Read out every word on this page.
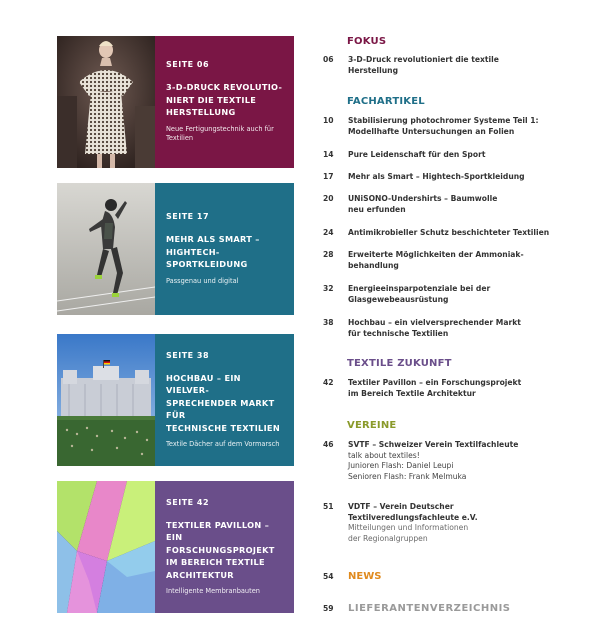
SEITE 06
3-D-DRUCK REVOLUTIO-
NIERT DIE TEXTILE
HERSTELLUNG
Neue Fertigungstechnik auch für
Textilien
SEITE 17
MEHR ALS SMART –
HIGHTECH-SPORTKLEIDUNG
Passgenau und digital
SEITE 38
HOCHBAU – EIN VIELVER-
SPRECHENDER MARKT FÜR
TECHNISCHE TEXTILIEN
Textile Dächer auf dem Vormarsch
SEITE 42
TEXTILER PAVILLON –
EIN FORSCHUNGSPROJEKT
IM BEREICH TEXTILE
ARCHITEKTUR
Intelligente Membranbauten
FOKUS
06	3-D-Druck revolutioniert die textile
Herstellung
FACHARTIKEL
10	Stabilisierung photochromer Systeme Teil 1:
Modellhafte Untersuchungen an Folien
14	Pure Leidenschaft für den Sport
17	Mehr als Smart – Hightech-Sportkleidung
20	UNiSONO-Undershirts – Baumwolle
neu erfunden
24	Antimikrobieller Schutz beschichteter Textilien
28	Erweiterte Möglichkeiten der Ammoniak-
behandlung
32	Energieeinsparpotenziale bei der
Glasgewebeausrüstung
38	Hochbau – ein vielversprechender Markt
für technische Textilien
TEXTILE ZUKUNFT
42	Textiler Pavillon – ein Forschungsprojekt
im Bereich Textile Architektur
VEREINE
46	SVTF – Schweizer Verein Textilfachleute
talk about textiles!
Junioren Flash: Daniel Leupi
Senioren Flash: Frank Melmuka
51	VDTF – Verein Deutscher
Textilveredlungsfachleute e.V.
Mitteilungen und Informationen
der Regionalgruppen
54	NEWS
59	LIEFERANTENVERZEICHNIS
